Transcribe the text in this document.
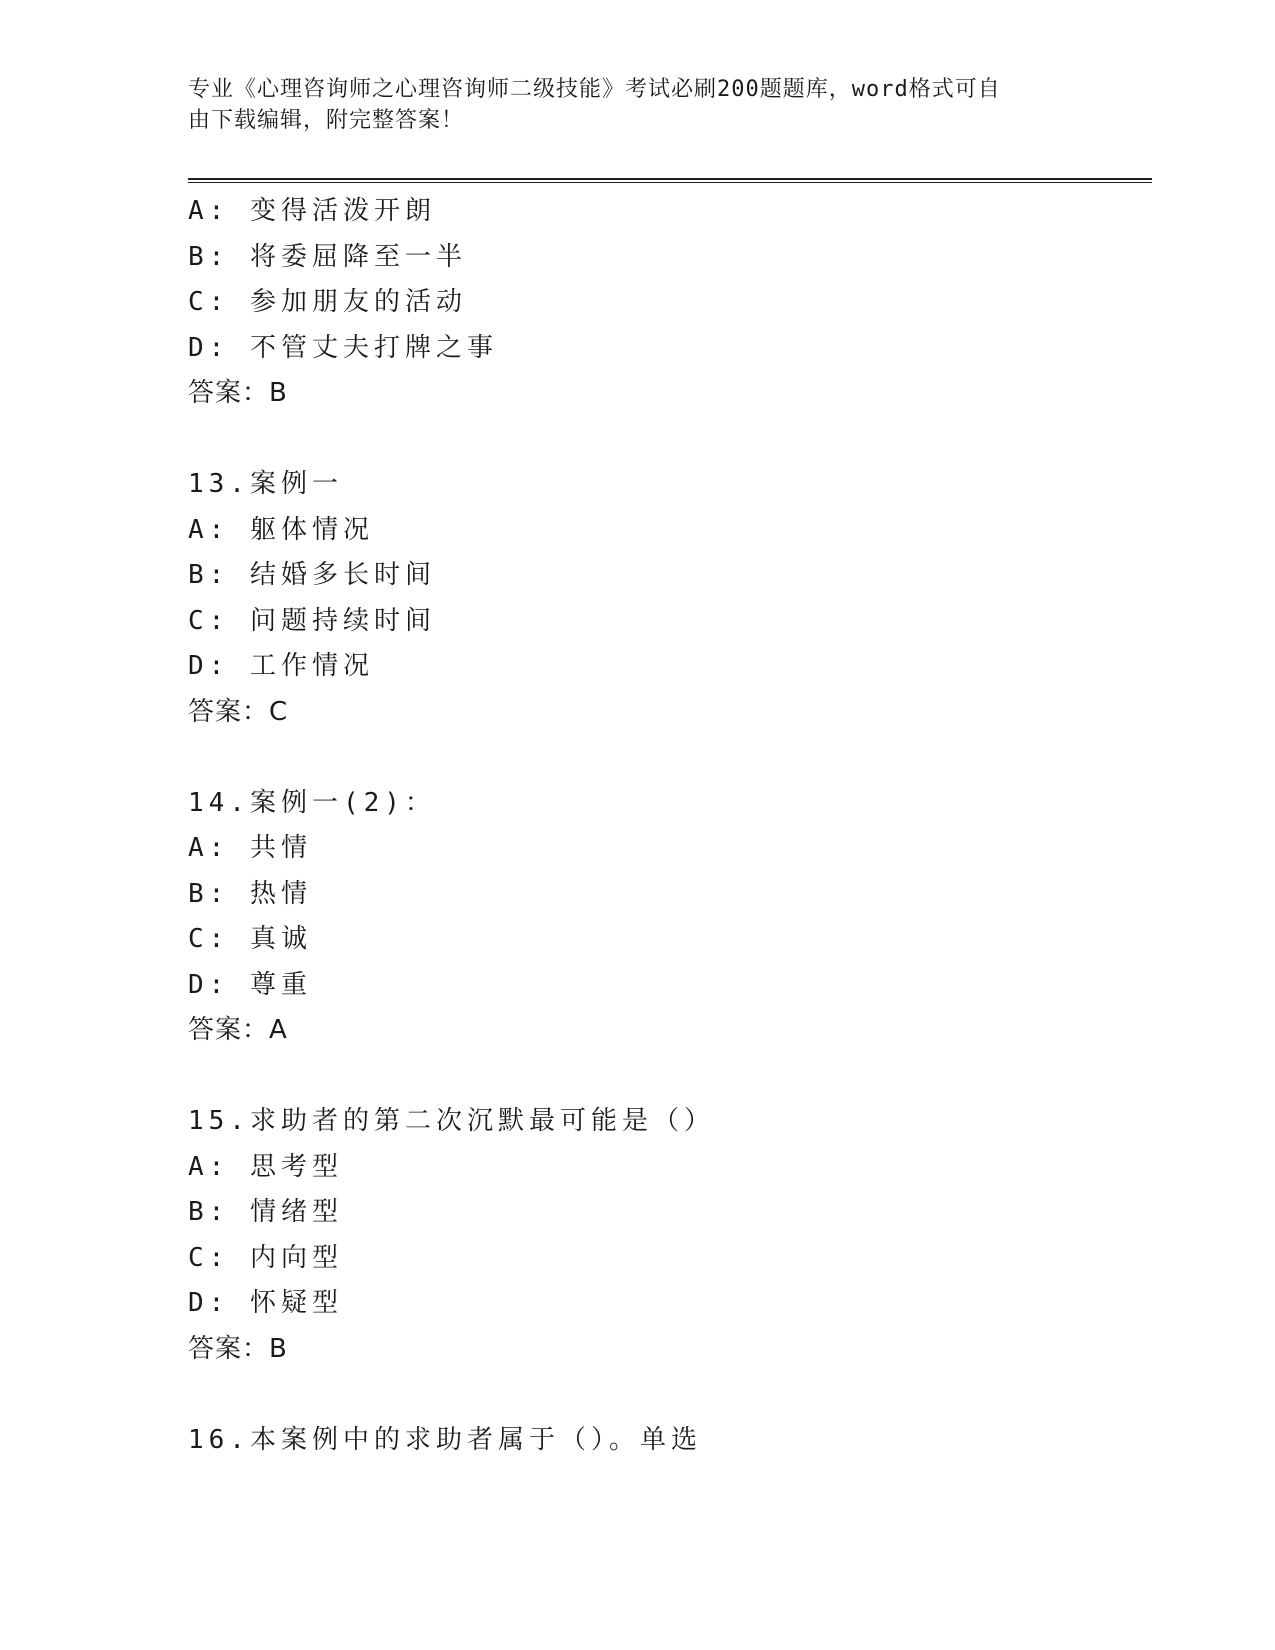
专业《心理咨询师之心理咨询师二级技能》考试必刷200题题库，word格式可自
由下载编辑，附完整答案！
A: 变得活泼开朗
B: 将委屈降至一半
C: 参加朋友的活动
D: 不管丈夫打牌之事
答案：B
13.案例一
A: 躯体情况
B: 结婚多长时间
C: 问题持续时间
D: 工作情况
答案：C
14.案例一(2)：
A: 共情
B: 热情
C: 真诚
D: 尊重
答案：A
15.求助者的第二次沉默最可能是（）
A: 思考型
B: 情绪型
C: 内向型
D: 怀疑型
答案：B
16.本案例中的求助者属于（）。单选
